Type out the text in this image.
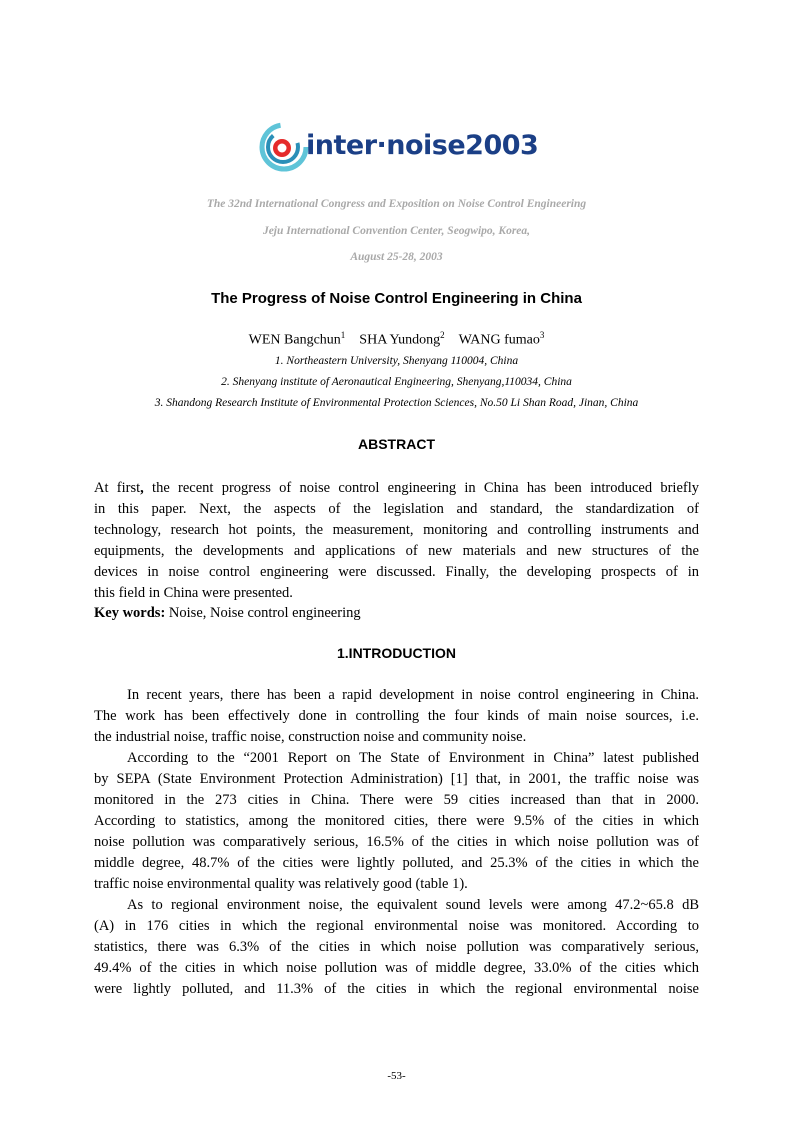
inter·noise2003
The 32nd International Congress and Exposition on Noise Control Engineering
Jeju International Convention Center, Seogwipo, Korea,
August 25-28, 2003
The Progress of Noise Control Engineering in China
WEN Bangchun$^1$ SHA Yundong$^2$ WANG fumao$^3$
1. Northeastern University, Shenyang 110004, China
2. Shenyang institute of Aeronautical Engineering, Shenyang,110034, China
3. Shandong Research Institute of Environmental Protection Sciences, No.50 Li Shan Road, Jinan, China
ABSTRACT
At first, the recent progress of noise control engineering in China has been introduced briefly
in this paper. Next, the aspects of the legislation and standard, the standardization of
technology, research hot points, the measurement, monitoring and controlling instruments and
equipments, the developments and applications of new materials and new structures of the
devices in noise control engineering were discussed. Finally, the developing prospects of in
this field in China were presented.
Key words: Noise, Noise control engineering
1.INTRODUCTION
In recent years, there has been a rapid development in noise control engineering in China.
The work has been effectively done in controlling the four kinds of main noise sources, i.e.
the industrial noise, traffic noise, construction noise and community noise.
According to the “2001 Report on The State of Environment in China” latest published
by SEPA (State Environment Protection Administration) [1] that, in 2001, the traffic noise was
monitored in the 273 cities in China. There were 59 cities increased than that in 2000.
According to statistics, among the monitored cities, there were 9.5% of the cities in which
noise pollution was comparatively serious, 16.5% of the cities in which noise pollution was of
middle degree, 48.7% of the cities were lightly polluted, and 25.3% of the cities in which the
traffic noise environmental quality was relatively good (table 1).
As to regional environment noise, the equivalent sound levels were among 47.2~65.8 dB
(A) in 176 cities in which the regional environmental noise was monitored. According to
statistics, there was 6.3% of the cities in which noise pollution was comparatively serious,
49.4% of the cities in which noise pollution was of middle degree, 33.0% of the cities which
were lightly polluted, and 11.3% of the cities in which the regional environmental noise
-53-
